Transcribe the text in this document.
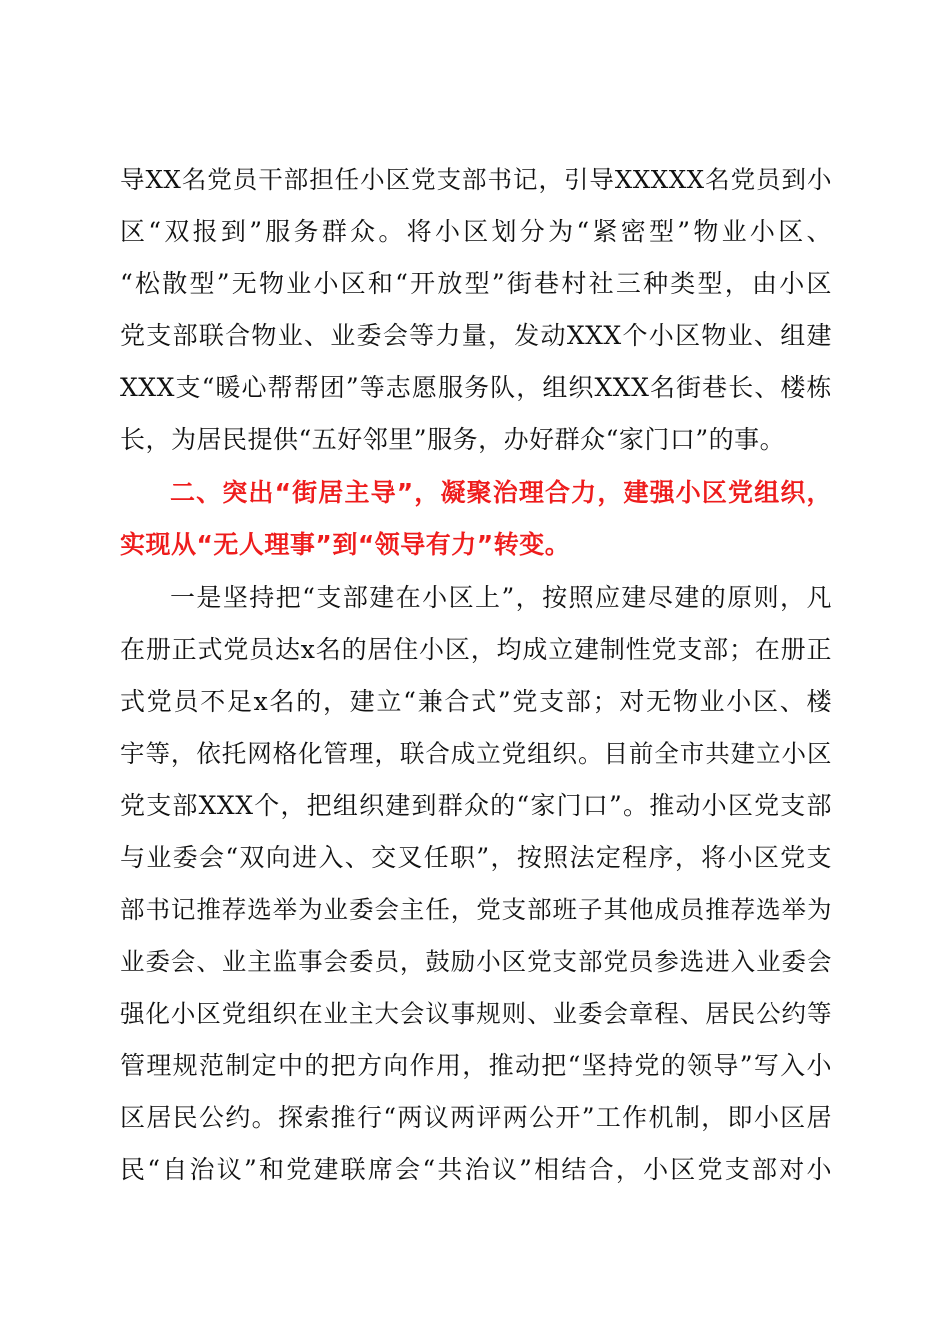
导XX名党员干部担任小区党支部书记，引导XXXXX名党员到小
区“双报到”服务群众。将小区划分为“紧密型”物业小区、
“松散型”无物业小区和“开放型”街巷村社三种类型，由小区
党支部联合物业、业委会等力量，发动XXX个小区物业、组建
XXX支“暖心帮帮团”等志愿服务队，组织XXX名街巷长、楼栋
长，为居民提供“五好邻里”服务，办好群众“家门口”的事。
二、突出“街居主导”，凝聚治理合力，建强小区党组织，
实现从“无人理事”到“领导有力”转变。
一是坚持把“支部建在小区上”，按照应建尽建的原则，凡
在册正式党员达x名的居住小区，均成立建制性党支部；在册正
式党员不足x名的，建立“兼合式”党支部；对无物业小区、楼
宇等，依托网格化管理，联合成立党组织。目前全市共建立小区
党支部XXX个，把组织建到群众的“家门口”。推动小区党支部
与业委会“双向进入、交叉任职”，按照法定程序，将小区党支
部书记推荐选举为业委会主任，党支部班子其他成员推荐选举为
业委会、业主监事会委员，鼓励小区党支部党员参选进入业委会
强化小区党组织在业主大会议事规则、业委会章程、居民公约等
管理规范制定中的把方向作用，推动把“坚持党的领导”写入小
区居民公约。探索推行“两议两评两公开”工作机制，即小区居
民“自治议”和党建联席会“共治议”相结合，小区党支部对小
